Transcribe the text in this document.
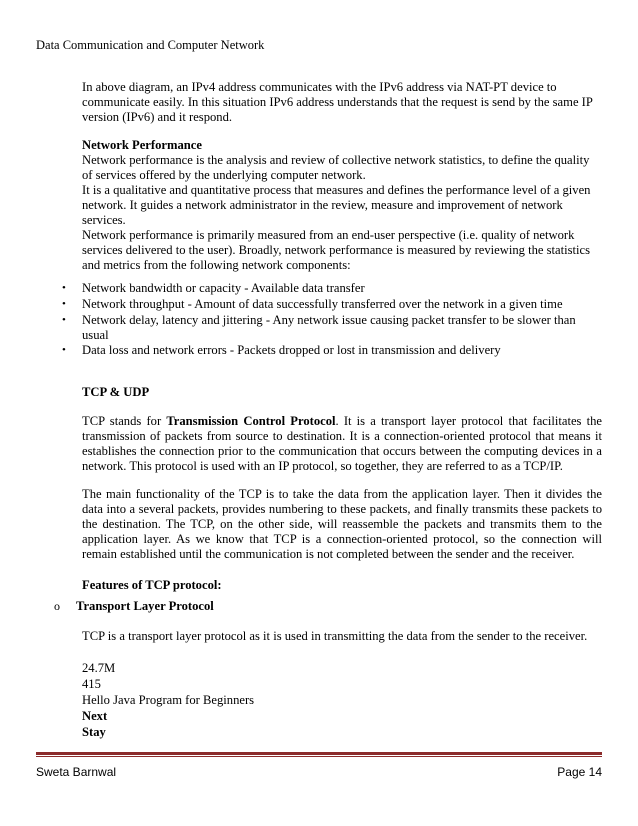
Data Communication and Computer Network
In above diagram, an IPv4 address communicates with the IPv6 address via NAT-PT device to communicate easily. In this situation IPv6 address understands that the request is send by the same IP version (IPv6) and it respond.
Network Performance
Network performance is the analysis and review of collective network statistics, to define the quality of services offered by the underlying computer network.
It is a qualitative and quantitative process that measures and defines the performance level of a given network. It guides a network administrator in the review, measure and improvement of network services.
Network performance is primarily measured from an end-user perspective (i.e. quality of network services delivered to the user). Broadly, network performance is measured by reviewing the statistics and metrics from the following network components:
• Network bandwidth or capacity - Available data transfer
• Network throughput - Amount of data successfully transferred over the network in a given time
• Network delay, latency and jittering - Any network issue causing packet transfer to be slower than usual
• Data loss and network errors - Packets dropped or lost in transmission and delivery
TCP & UDP
TCP stands for Transmission Control Protocol. It is a transport layer protocol that facilitates the transmission of packets from source to destination. It is a connection-oriented protocol that means it establishes the connection prior to the communication that occurs between the computing devices in a network. This protocol is used with an IP protocol, so together, they are referred to as a TCP/IP.
The main functionality of the TCP is to take the data from the application layer. Then it divides the data into a several packets, provides numbering to these packets, and finally transmits these packets to the destination. The TCP, on the other side, will reassemble the packets and transmits them to the application layer. As we know that TCP is a connection-oriented protocol, so the connection will remain established until the communication is not completed between the sender and the receiver.
Features of TCP protocol:
o Transport Layer Protocol
TCP is a transport layer protocol as it is used in transmitting the data from the sender to the receiver.
24.7M
415
Hello Java Program for Beginners
Next
Stay
Sweta Barnwal	Page 14
